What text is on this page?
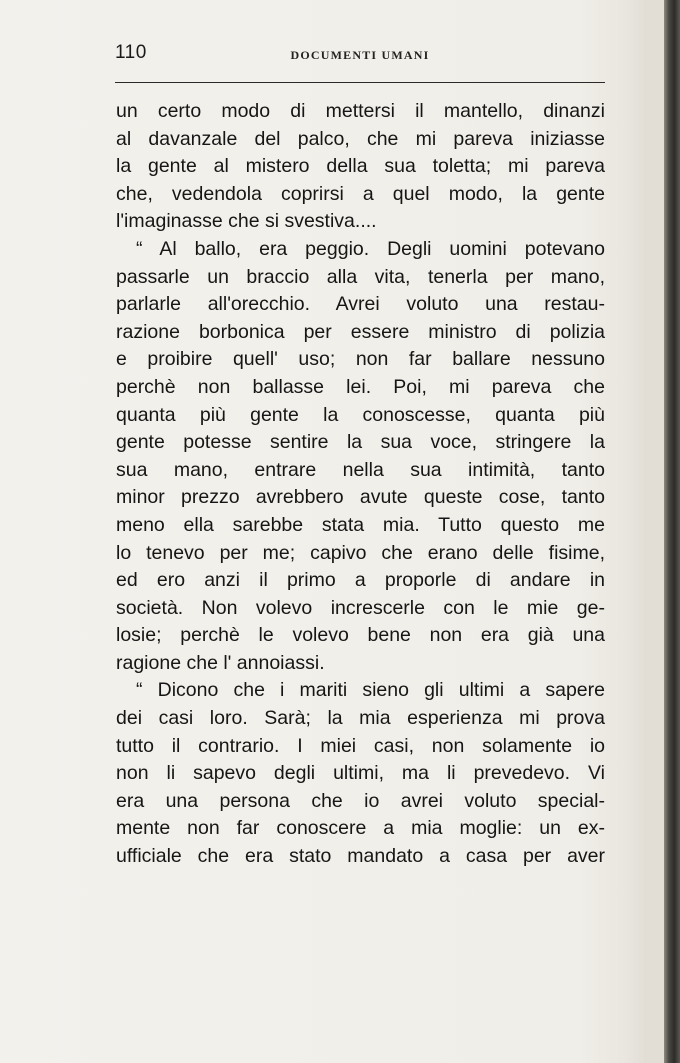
110	DOCUMENTI UMANI
un certo modo di mettersi il mantello, dinanzi
al davanzale del palco, che mi pareva iniziasse
la gente al mistero della sua toletta; mi pareva
che, vedendola coprirsi a quel modo, la gente
l'imaginasse che si svestiva....
“ Al ballo, era peggio. Degli uomini potevano
passarle un braccio alla vita, tenerla per mano,
parlarle all'orecchio. Avrei voluto una restau-
razione borbonica per essere ministro di polizia
e proibire quell' uso; non far ballare nessuno
perchè non ballasse lei. Poi, mi pareva che
quanta più gente la conoscesse, quanta più
gente potesse sentire la sua voce, stringere la
sua mano, entrare nella sua intimità, tanto
minor prezzo avrebbero avute queste cose, tanto
meno ella sarebbe stata mia. Tutto questo me
lo tenevo per me; capivo che erano delle fisime,
ed ero anzi il primo a proporle di andare in
società. Non volevo increscerle con le mie ge-
losie; perchè le volevo bene non era già una
ragione che l' annoiassi.
“ Dicono che i mariti sieno gli ultimi a sapere
dei casi loro. Sarà; la mia esperienza mi prova
tutto il contrario. I miei casi, non solamente io
non li sapevo degli ultimi, ma li prevedevo. Vi
era una persona che io avrei voluto special-
mente non far conoscere a mia moglie: un ex-
ufficiale che era stato mandato a casa per aver
